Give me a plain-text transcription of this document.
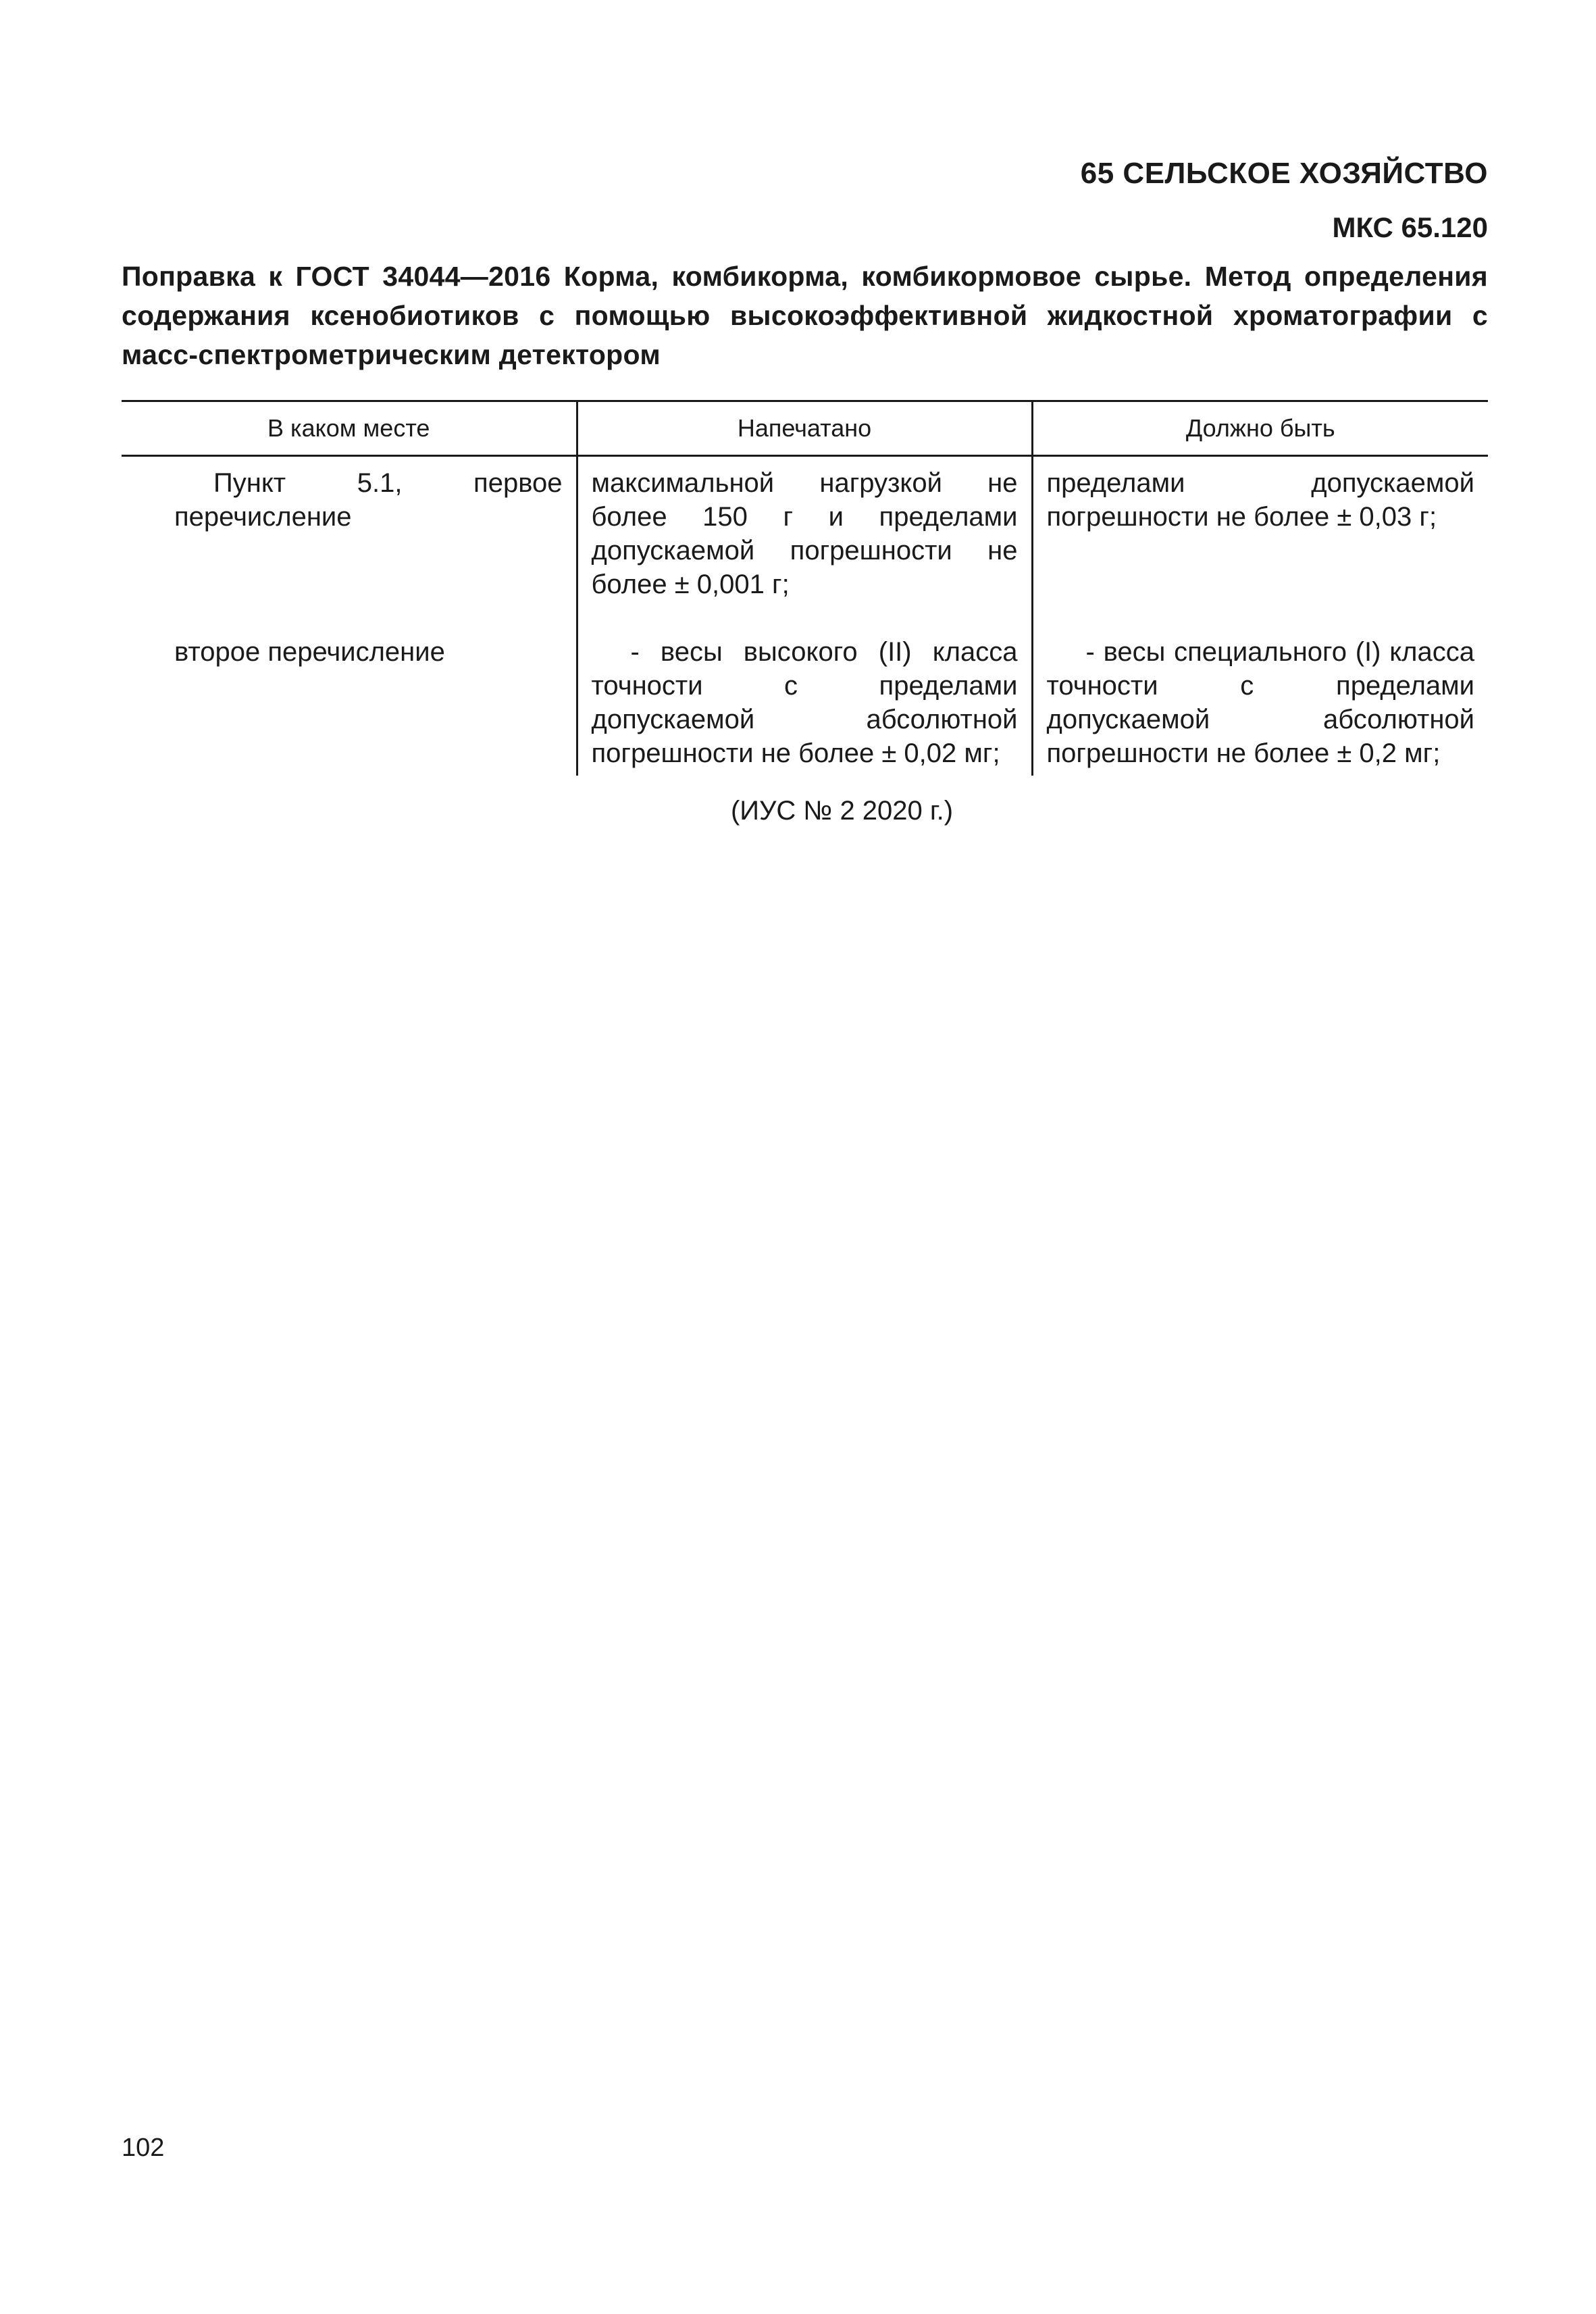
65 СЕЛЬСКОЕ ХОЗЯЙСТВО
МКС 65.120
Поправка к ГОСТ 34044—2016 Корма, комбикорма, комбикормовое сырье. Метод определения содержания ксенобиотиков с помощью высокоэффективной жидкостной хроматографии с масс-спектрометрическим детектором
В каком месте	Напечатано	Должно быть
Пункт 5.1, первое перечисление	максимальной нагрузкой не более 150 г и пределами допускаемой погрешности не более ± 0,001 г;	пределами допускаемой погрешности не более ± 0,03 г;
второе перечисление	- весы высокого (II) класса точности с пределами допускаемой абсолютной погрешности не более ± 0,02 мг;	- весы специального (I) класса точности с пределами допускаемой абсолютной погрешности не более ± 0,2 мг;
(ИУС № 2 2020 г.)
102
